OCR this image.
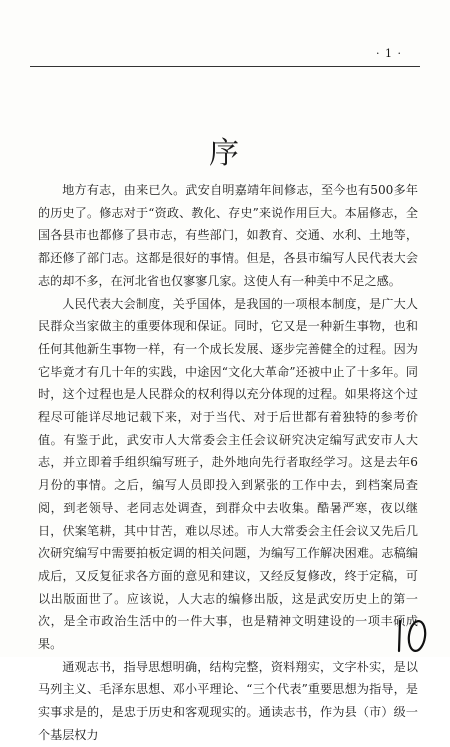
· 1 ·
序

地方有志，由来已久。武安自明嘉靖年间修志，至今也有500多年的历史了。修志对于“资政、教化、存史”来说作用巨大。本届修志，全国各县市也都修了县市志，有些部门，如教育、交通、水利、土地等，都还修了部门志。这都是很好的事情。但是，各县市编写人民代表大会志的却不多，在河北省也仅寥寥几家。这使人有一种美中不足之感。

人民代表大会制度，关乎国体，是我国的一项根本制度，是广大人民群众当家做主的重要体现和保证。同时，它又是一种新生事物，也和任何其他新生事物一样，有一个成长发展、逐步完善健全的过程。因为它毕竟才有几十年的实践，中途因“文化大革命”还被中止了十多年。同时，这个过程也是人民群众的权利得以充分体现的过程。如果将这个过程尽可能详尽地记载下来，对于当代、对于后世都有着独特的参考价值。有鉴于此，武安市人大常委会主任会议研究决定编写武安市人大志，并立即着手组织编写班子，赴外地向先行者取经学习。这是去年6月份的事情。之后，编写人员即投入到紧张的工作中去，到档案局查阅，到老领导、老同志处调查，到群众中去收集。酷暑严寒，夜以继日，伏案笔耕，其中甘苦，难以尽述。市人大常委会主任会议又先后几次研究编写中需要拍板定调的相关问题，为编写工作解决困难。志稿编成后，又反复征求各方面的意见和建议，又经反复修改，终于定稿，可以出版面世了。应该说，人大志的编修出版，这是武安历史上的第一次，是全市政治生活中的一件大事，也是精神文明建设的一项丰硕成果。

通观志书，指导思想明确，结构完整，资料翔实，文字朴实，是以马列主义、毛泽东思想、邓小平理论、“三个代表”重要思想为指导，是实事求是的，是忠于历史和客观现实的。通读志书，作为县（市）级一个基层权力
